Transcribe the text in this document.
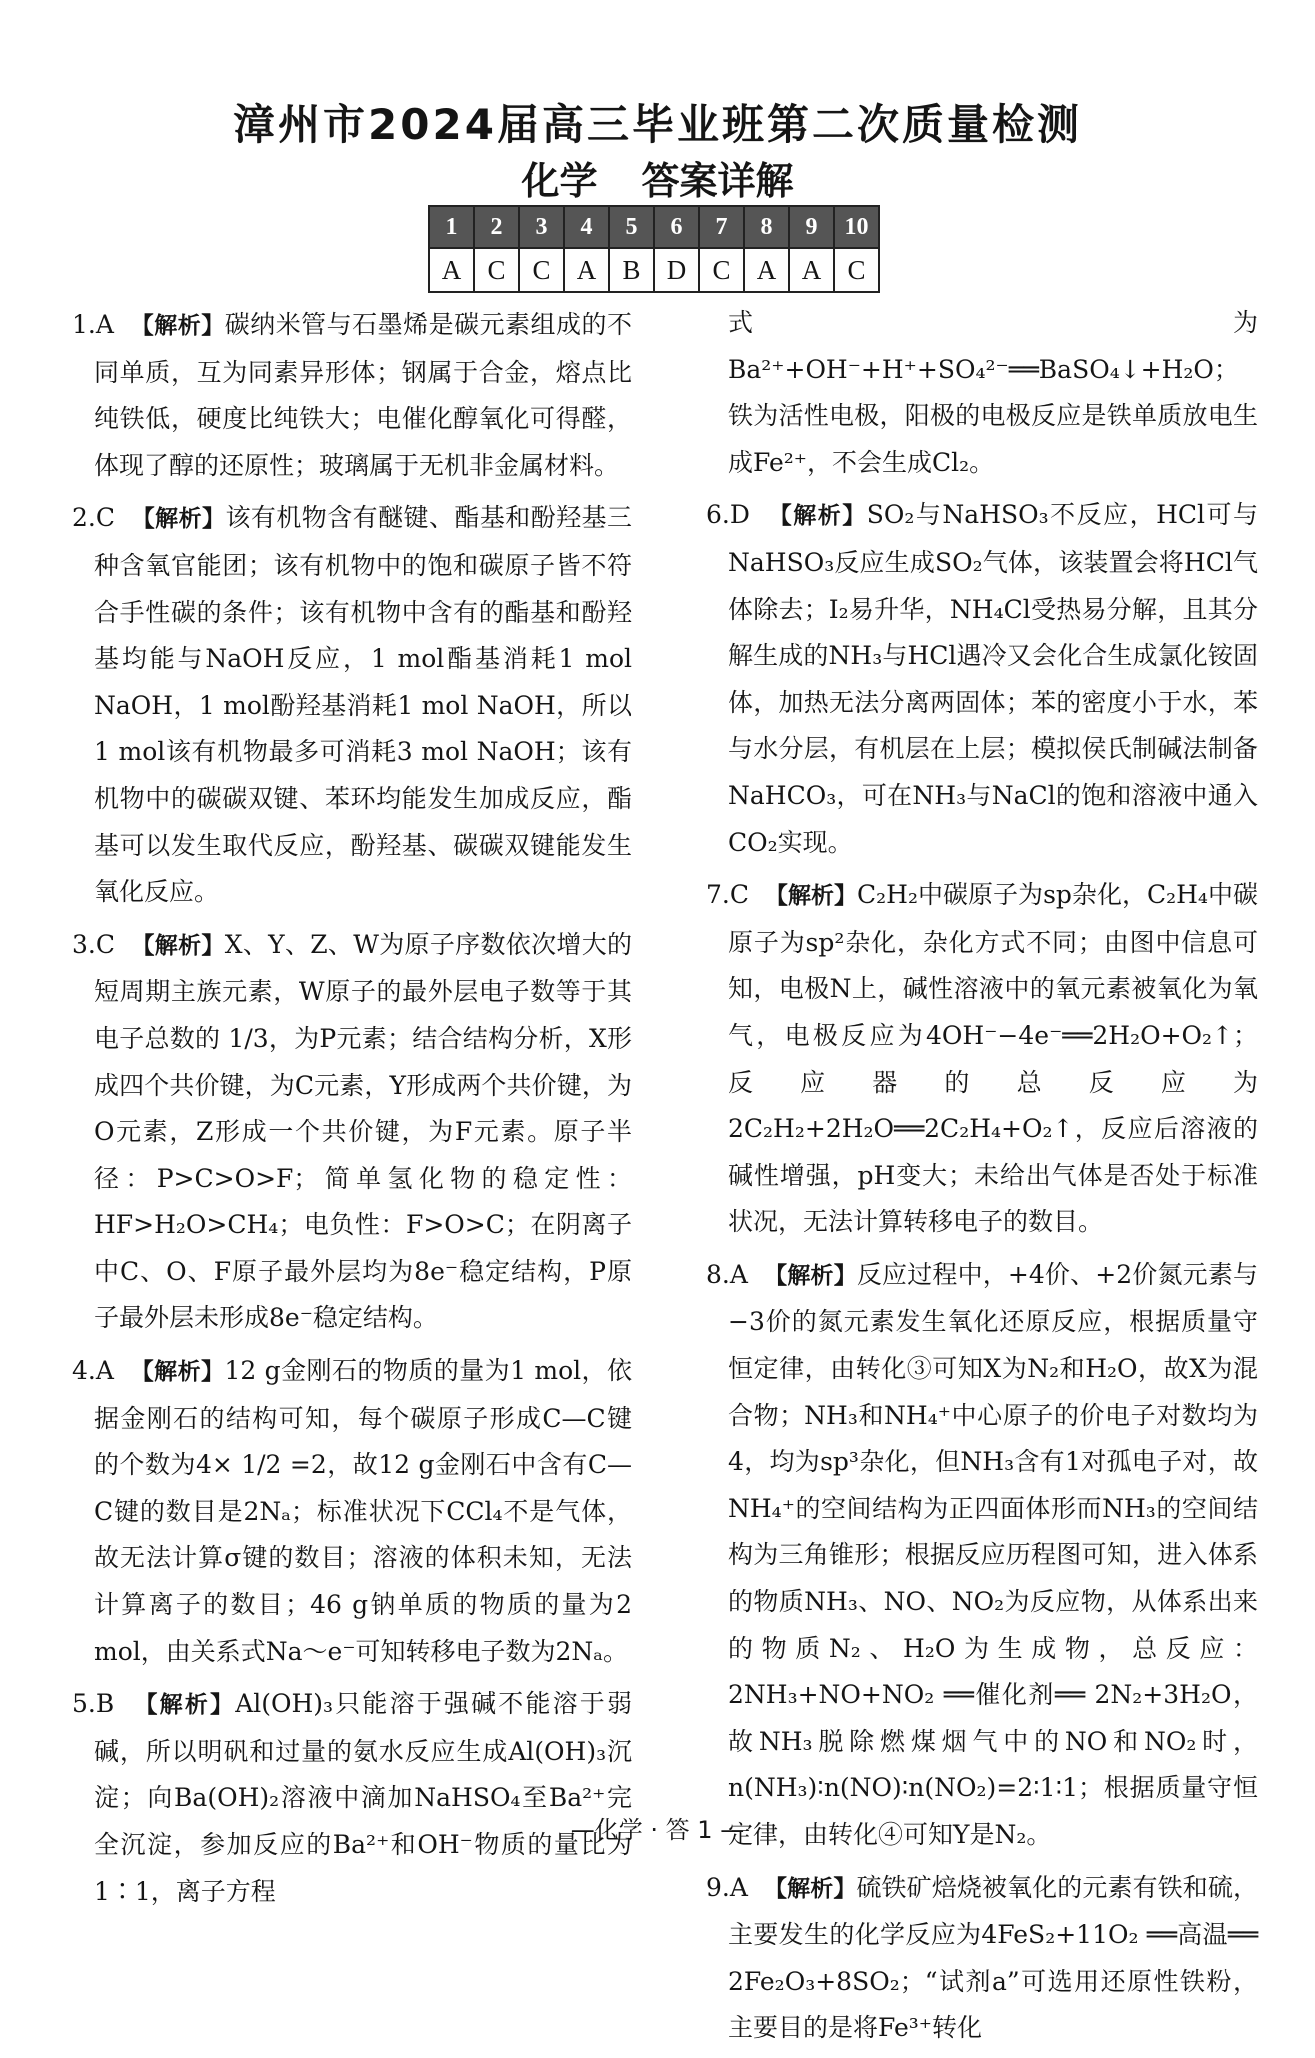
漳州市2024届高三毕业班第二次质量检测
化学 答案详解
1	2	3	4	5	6	7	8	9	10
A	C	C	A	B	D	C	A	A	C

1.A 【解析】碳纳米管与石墨烯是碳元素组成的不同单质，互为同素异形体；钢属于合金，熔点比纯铁低，硬度比纯铁大；电催化醇氧化可得醛，体现了醇的还原性；玻璃属于无机非金属材料。

2.C 【解析】该有机物含有醚键、酯基和酚羟基三种含氧官能团；该有机物中的饱和碳原子皆不符合手性碳的条件；该有机物中含有的酯基和酚羟基均能与NaOH反应，1 mol酯基消耗1 mol NaOH，1 mol酚羟基消耗1 mol NaOH，所以1 mol该有机物最多可消耗3 mol NaOH；该有机物中的碳碳双键、苯环均能发生加成反应，酯基可以发生取代反应，酚羟基、碳碳双键能发生氧化反应。

3.C 【解析】X、Y、Z、W为原子序数依次增大的短周期主族元素，W原子的最外层电子数等于其电子总数的 1/3，为P元素；结合结构分析，X形成四个共价键，为C元素，Y形成两个共价键，为O元素，Z形成一个共价键，为F元素。原子半径：P>C>O>F；简单氢化物的稳定性：HF>H₂O>CH₄；电负性：F>O>C；在阴离子中C、O、F原子最外层均为8e⁻稳定结构，P原子最外层未形成8e⁻稳定结构。

4.A 【解析】12 g金刚石的物质的量为1 mol，依据金刚石的结构可知，每个碳原子形成C—C键的个数为4× 1/2 =2，故12 g金刚石中含有C—C键的数目是2Nₐ；标准状况下CCl₄不是气体，故无法计算σ键的数目；溶液的体积未知，无法计算离子的数目；46 g钠单质的物质的量为2 mol，由关系式Na～e⁻可知转移电子数为2Nₐ。

5.B 【解析】Al(OH)₃只能溶于强碱不能溶于弱碱，所以明矾和过量的氨水反应生成Al(OH)₃沉淀；向Ba(OH)₂溶液中滴加NaHSO₄至Ba²⁺完全沉淀，参加反应的Ba²⁺和OH⁻物质的量比为1∶1，离子方程

式为Ba²⁺+OH⁻+H⁺+SO₄²⁻══BaSO₄↓+H₂O；铁为活性电极，阳极的电极反应是铁单质放电生成Fe²⁺，不会生成Cl₂。

6.D 【解析】SO₂与NaHSO₃不反应，HCl可与NaHSO₃反应生成SO₂气体，该装置会将HCl气体除去；I₂易升华，NH₄Cl受热易分解，且其分解生成的NH₃与HCl遇冷又会化合生成氯化铵固体，加热无法分离两固体；苯的密度小于水，苯与水分层，有机层在上层；模拟侯氏制碱法制备NaHCO₃，可在NH₃与NaCl的饱和溶液中通入CO₂实现。

7.C 【解析】C₂H₂中碳原子为sp杂化，C₂H₄中碳原子为sp²杂化，杂化方式不同；由图中信息可知，电极N上，碱性溶液中的氧元素被氧化为氧气，电极反应为4OH⁻−4e⁻══2H₂O+O₂↑；反应器的总反应为2C₂H₂+2H₂O══2C₂H₄+O₂↑，反应后溶液的碱性增强，pH变大；未给出气体是否处于标准状况，无法计算转移电子的数目。

8.A 【解析】反应过程中，+4价、+2价氮元素与−3价的氮元素发生氧化还原反应，根据质量守恒定律，由转化③可知X为N₂和H₂O，故X为混合物；NH₃和NH₄⁺中心原子的价电子对数均为4，均为sp³杂化，但NH₃含有1对孤电子对，故NH₄⁺的空间结构为正四面体形而NH₃的空间结构为三角锥形；根据反应历程图可知，进入体系的物质NH₃、NO、NO₂为反应物，从体系出来的物质N₂、H₂O为生成物，总反应：2NH₃+NO+NO₂ ══催化剂══ 2N₂+3H₂O，故NH₃脱除燃煤烟气中的NO和NO₂时，n(NH₃)∶n(NO)∶n(NO₂)=2∶1∶1；根据质量守恒定律，由转化④可知Y是N₂。

9.A 【解析】硫铁矿焙烧被氧化的元素有铁和硫，主要发生的化学反应为4FeS₂+11O₂ ══高温══ 2Fe₂O₃+8SO₂；“试剂a”可选用还原性铁粉，主要目的是将Fe³⁺转化

—化学 · 答 1 —
